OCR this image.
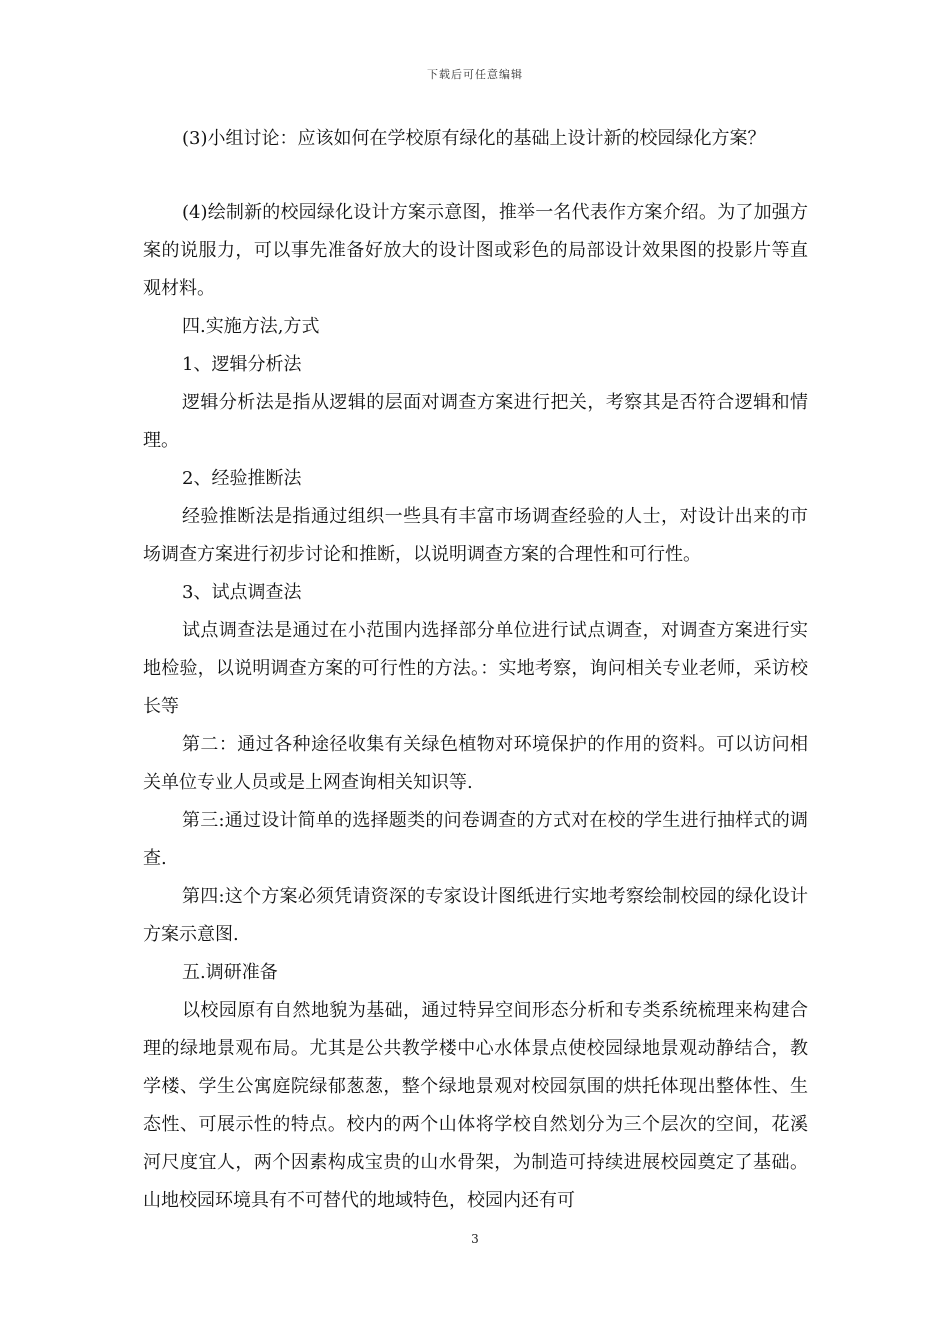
下载后可任意编辑

(3)小组讨论：应该如何在学校原有绿化的基础上设计新的校园绿化方案？

(4)绘制新的校园绿化设计方案示意图，推举一名代表作方案介绍。为了加强方案的说服力，可以事先准备好放大的设计图或彩色的局部设计效果图的投影片等直观材料。

四.实施方法,方式

1、逻辑分析法

逻辑分析法是指从逻辑的层面对调查方案进行把关，考察其是否符合逻辑和情理。

2、经验推断法

经验推断法是指通过组织一些具有丰富市场调查经验的人士，对设计出来的市场调查方案进行初步讨论和推断，以说明调查方案的合理性和可行性。

3、试点调查法

试点调查法是通过在小范围内选择部分单位进行试点调查，对调查方案进行实地检验，以说明调查方案的可行性的方法。：实地考察，询问相关专业老师，采访校长等

第二：通过各种途径收集有关绿色植物对环境保护的作用的资料。可以访问相关单位专业人员或是上网查询相关知识等.

第三:通过设计简单的选择题类的问卷调查的方式对在校的学生进行抽样式的调查.

第四:这个方案必须凭请资深的专家设计图纸进行实地考察绘制校园的绿化设计方案示意图.

五.调研准备

以校园原有自然地貌为基础，通过特异空间形态分析和专类系统梳理来构建合理的绿地景观布局。尤其是公共教学楼中心水体景点使校园绿地景观动静结合，教学楼、学生公寓庭院绿郁葱葱，整个绿地景观对校园氛围的烘托体现出整体性、生态性、可展示性的特点。校内的两个山体将学校自然划分为三个层次的空间，花溪河尺度宜人，两个因素构成宝贵的山水骨架，为制造可持续进展校园奠定了基础。山地校园环境具有不可替代的地域特色，校园内还有可

3
